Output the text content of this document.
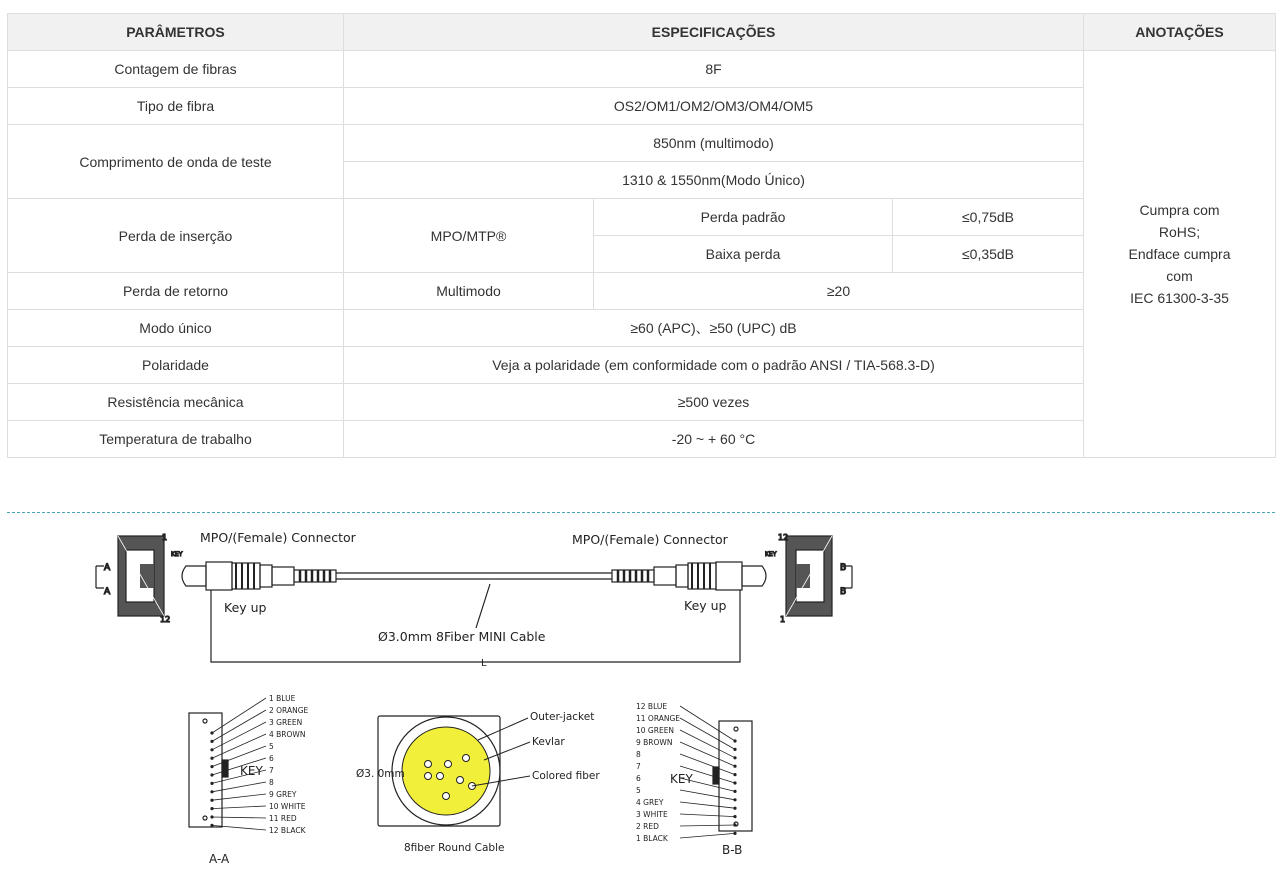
PARÂMETROS	ESPECIFICAÇÕES			ANOTAÇÕES
Contagem de fibras	8F			Cumpra com
RoHS;
Endface cumpra
com
IEC 61300-3-35

Tipo de fibra	OS2/OM1/OM2/OM3/OM4/OM5			
Comprimento de onda de teste	850nm (multimodo)			
	1310 & 1550nm(Modo Único)			
Perda de inserção	MPO/MTP®	Perda padrão	≤0,75dB	
		Baixa perda	≤0,35dB	
Perda de retorno	Multimodo	≥20		
Modo único	≥60 (APC)、≥50 (UPC) dB			
Polaridade	Veja a polaridade (em conformidade com o padrão ANSI / TIA-568.3-D)			
Resistência mecânica	≥500 vezes			
Temperatura de trabalho	-20 ~ + 60 °C			
A
A
1
12
KEY
B
B
12
1
KEY
MPO/(Female) Connector	MPO/(Female) Connector
Key up	Key up
Ø3.0mm 8Fiber MINI Cable
L
1 BLUE
2 ORANGE
3 GREEN
4 BROWN
5
6
7
8
9 GREY
10 WHITE
11 RED
12 BLACK
KEY
A-A
Outer-jacket
Kevlar
Colored fiber
Ø3. 0mm
8fiber Round Cable
12 BLUE
11 ORANGE
10 GREEN
9 BROWN
8
7
6
5
4 GREY
3 WHITE
2 RED
1 BLACK
KEY
B-B
